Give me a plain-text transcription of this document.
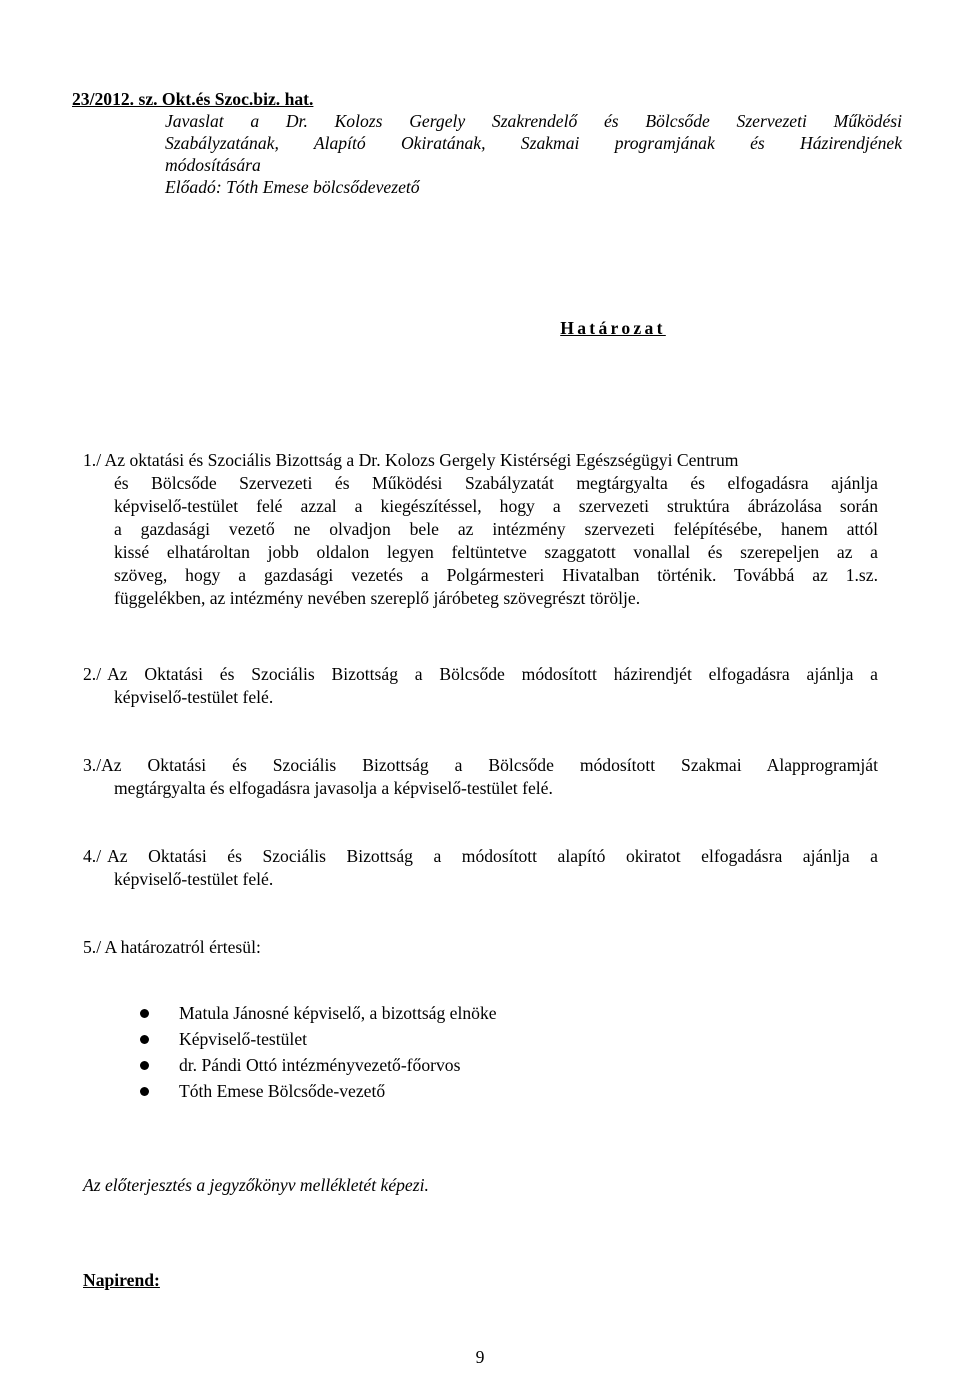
23/2012. sz. Okt.és Szoc.biz. hat.
Javaslat a Dr. Kolozs Gergely Szakrendelő és Bölcsőde Szervezeti Működési
Szabályzatának, Alapító Okiratának, Szakmai programjának és Házirendjének
módosítására
Előadó: Tóth Emese bölcsődevezető
Határozat
1./ Az oktatási és Szociális Bizottság a Dr. Kolozs Gergely Kistérségi Egészségügyi Centrum
és Bölcsőde Szervezeti és Működési Szabályzatát megtárgyalta és elfogadásra ajánlja
képviselő-testület felé azzal a kiegészítéssel, hogy a szervezeti struktúra ábrázolása során
a gazdasági vezető ne olvadjon bele az intézmény szervezeti felépítésébe, hanem attól
kissé elhatároltan jobb oldalon legyen feltüntetve szaggatott vonallal és szerepeljen az a
szöveg, hogy a gazdasági vezetés a Polgármesteri Hivatalban történik. Továbbá az 1.sz.
függelékben, az intézmény nevében szereplő járóbeteg szövegrészt törölje.
2./ Az Oktatási és Szociális Bizottság a Bölcsőde módosított házirendjét elfogadásra ajánlja a
képviselő-testület felé.
3./ Az Oktatási és Szociális Bizottság a Bölcsőde módosított Szakmai Alapprogramját
megtárgyalta és elfogadásra javasolja a képviselő-testület felé.
4./ Az Oktatási és Szociális Bizottság a módosított alapító okiratot elfogadásra ajánlja a
képviselő-testület felé.
5./ A határozatról értesül:
Matula Jánosné képviselő, a bizottság elnöke
Képviselő-testület
dr. Pándi Ottó intézményvezető-főorvos
Tóth Emese Bölcsőde-vezető
Az előterjesztés a jegyzőkönyv mellékletét képezi.
Napirend:
9
